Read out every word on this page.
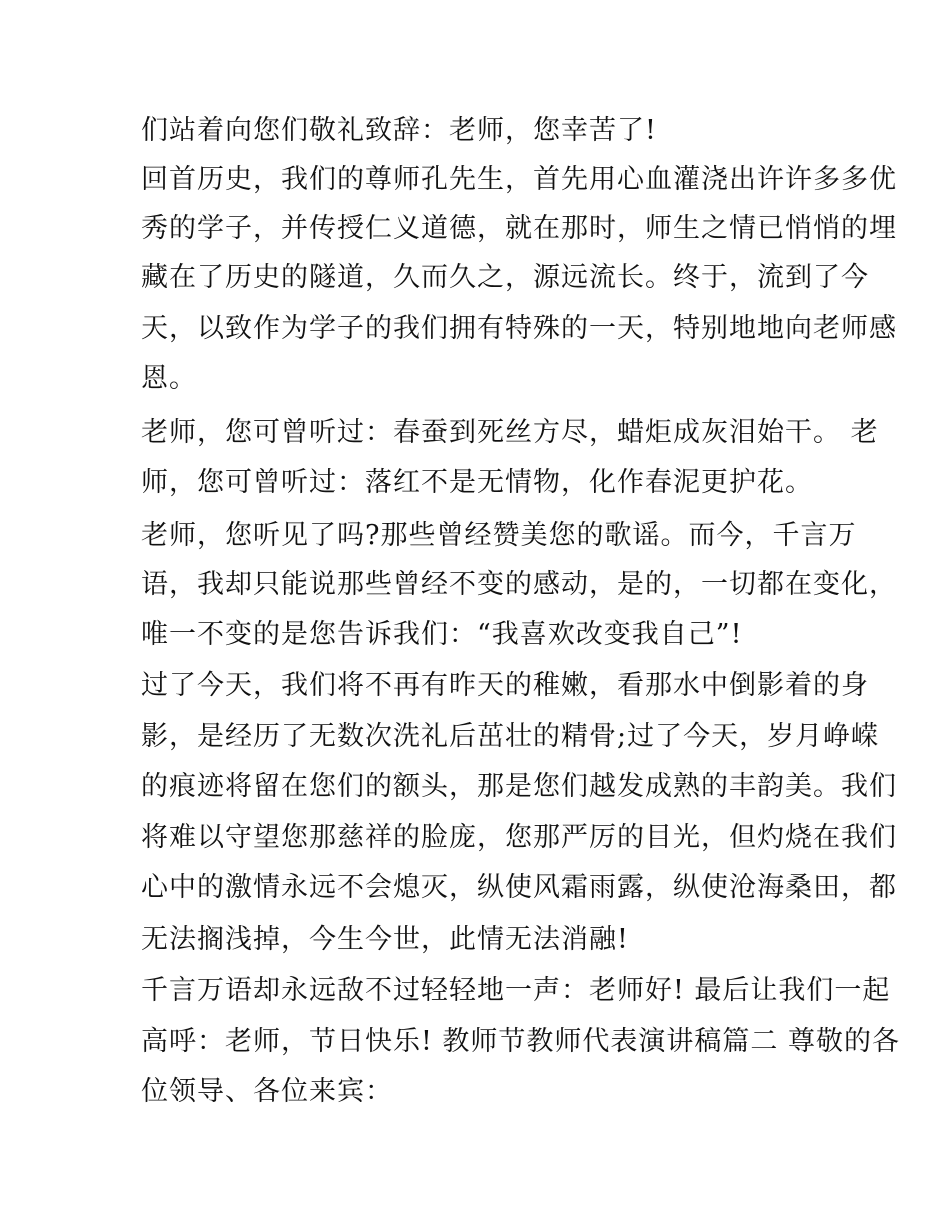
们站着向您们敬礼致辞：老师，您幸苦了!
回首历史，我们的尊师孔先生，首先用心血灌浇出许许多多优
秀的学子，并传授仁义道德，就在那时，师生之情已悄悄的埋
藏在了历史的隧道，久而久之，源远流长。终于，流到了今
天，以致作为学子的我们拥有特殊的一天，特别地地向老师感
恩。
老师，您可曾听过：春蚕到死丝方尽，蜡炬成灰泪始干。 老
师，您可曾听过：落红不是无情物，化作春泥更护花。
老师，您听见了吗?那些曾经赞美您的歌谣。而今，千言万
语，我却只能说那些曾经不变的感动，是的，一切都在变化，
唯一不变的是您告诉我们：“我喜欢改变我自己”!
过了今天，我们将不再有昨天的稚嫩，看那水中倒影着的身
影，是经历了无数次洗礼后茁壮的精骨;过了今天，岁月峥嵘
的痕迹将留在您们的额头，那是您们越发成熟的丰韵美。我们
将难以守望您那慈祥的脸庞，您那严厉的目光，但灼烧在我们
心中的激情永远不会熄灭，纵使风霜雨露，纵使沧海桑田，都
无法搁浅掉，今生今世，此情无法消融!
千言万语却永远敌不过轻轻地一声：老师好! 最后让我们一起
高呼：老师，节日快乐! 教师节教师代表演讲稿篇二 尊敬的各
位领导、各位来宾：
